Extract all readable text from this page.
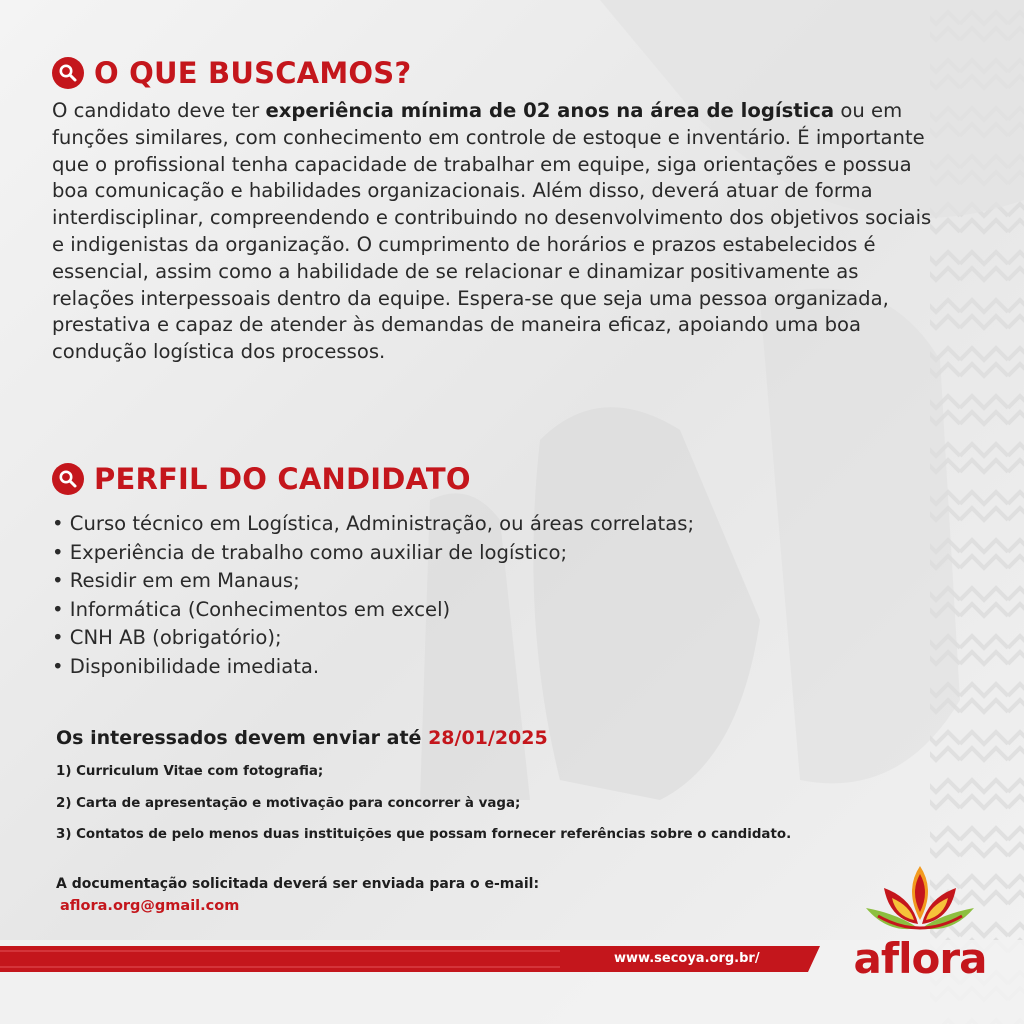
O QUE BUSCAMOS?

O candidato deve ter experiência mínima de 02 anos na área de logística ou em funções similares, com conhecimento em controle de estoque e inventário. É importante que o profissional tenha capacidade de trabalhar em equipe, siga orientações e possua boa comunicação e habilidades organizacionais. Além disso, deverá atuar de forma interdisciplinar, compreendendo e contribuindo no desenvolvimento dos objetivos sociais e indigenistas da organização. O cumprimento de horários e prazos estabelecidos é essencial, assim como a habilidade de se relacionar e dinamizar positivamente as relações interpessoais dentro da equipe. Espera-se que seja uma pessoa organizada, prestativa e capaz de atender às demandas de maneira eficaz, apoiando uma boa condução logística dos processos.

PERFIL DO CANDIDATO
• Curso técnico em Logística, Administração, ou áreas correlatas;
• Experiência de trabalho como auxiliar de logístico;
• Residir em em Manaus;
• Informática (Conhecimentos em excel)
• CNH AB (obrigatório);
• Disponibilidade imediata.
Os interessados devem enviar até 28/01/2025

1) Curriculum Vitae com fotografia;

2) Carta de apresentação e motivação para concorrer à vaga;

3) Contatos de pelo menos duas instituições que possam fornecer referências sobre o candidato.

A documentação solicitada deverá ser enviada para o e-mail:
aflora.org@gmail.com
www.secoya.org.br/ aflora
